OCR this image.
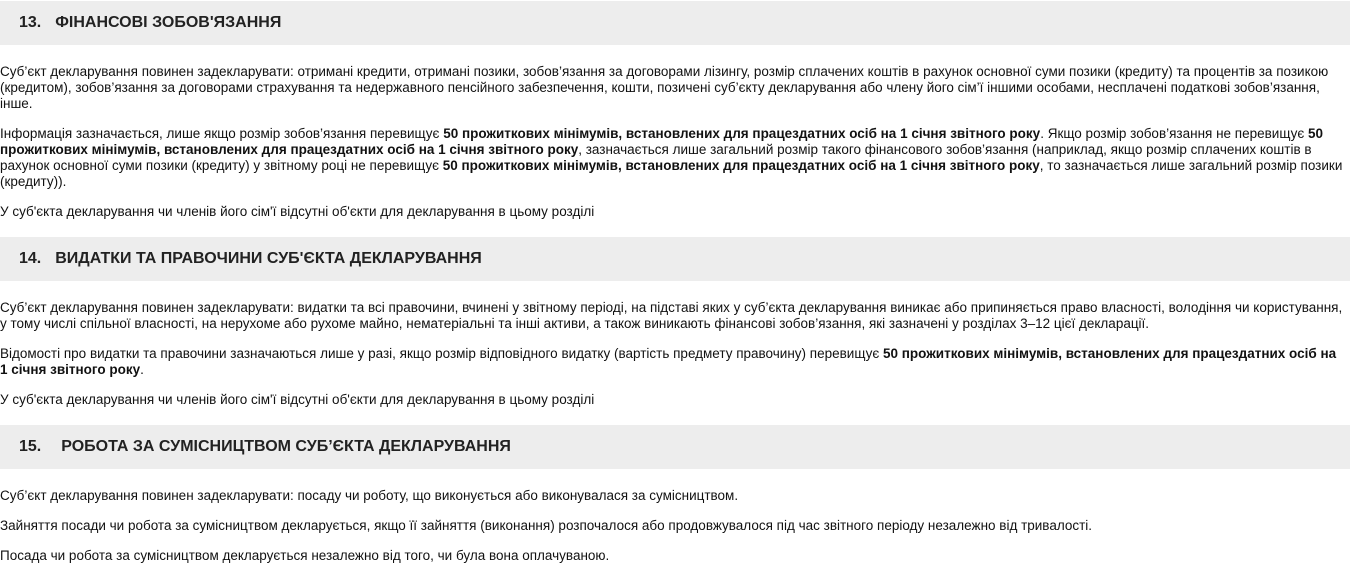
13. ФІНАНСОВІ ЗОБОВ'ЯЗАННЯ

Суб’єкт декларування повинен задекларувати: отримані кредити, отримані позики, зобов’язання за договорами лізингу, розмір сплачених коштів в рахунок основної суми позики (кредиту) та процентів за позикою (кредитом), зобов’язання за договорами страхування та недержавного пенсійного забезпечення, кошти, позичені суб’єкту декларування або члену його сім’ї іншими особами, несплачені податкові зобов’язання, інше.

Інформація зазначається, лише якщо розмір зобов’язання перевищує 50 прожиткових мінімумів, встановлених для працездатних осіб на 1 січня звітного року. Якщо розмір зобов’язання не перевищує 50 прожиткових мінімумів, встановлених для працездатних осіб на 1 січня звітного року, зазначається лише загальний розмір такого фінансового зобов’язання (наприклад, якщо розмір сплачених коштів в рахунок основної суми позики (кредиту) у звітному році не перевищує 50 прожиткових мінімумів, встановлених для працездатних осіб на 1 січня звітного року, то зазначається лише загальний розмір позики (кредиту)).

У суб'єкта декларування чи членів його сім'ї відсутні об'єкти для декларування в цьому розділі

14. ВИДАТКИ ТА ПРАВОЧИНИ СУБ'ЄКТА ДЕКЛАРУВАННЯ

Суб’єкт декларування повинен задекларувати: видатки та всі правочини, вчинені у звітному періоді, на підставі яких у суб’єкта декларування виникає або припиняється право власності, володіння чи користування, у тому числі спільної власності, на нерухоме або рухоме майно, нематеріальні та інші активи, а також виникають фінансові зобов’язання, які зазначені у розділах 3–12 цієї декларації.

Відомості про видатки та правочини зазначаються лише у разі, якщо розмір відповідного видатку (вартість предмету правочину) перевищує 50 прожиткових мінімумів, встановлених для працездатних осіб на 1 січня звітного року.

У суб'єкта декларування чи членів його сім'ї відсутні об'єкти для декларування в цьому розділі

15. РОБОТА ЗА СУМІСНИЦТВОМ СУБ’ЄКТА ДЕКЛАРУВАННЯ

Суб’єкт декларування повинен задекларувати: посаду чи роботу, що виконується або виконувалася за сумісництвом.

Зайняття посади чи робота за сумісництвом декларується, якщо її зайняття (виконання) розпочалося або продовжувалося під час звітного періоду незалежно від тривалості.

Посада чи робота за сумісництвом декларується незалежно від того, чи була вона оплачуваною.
